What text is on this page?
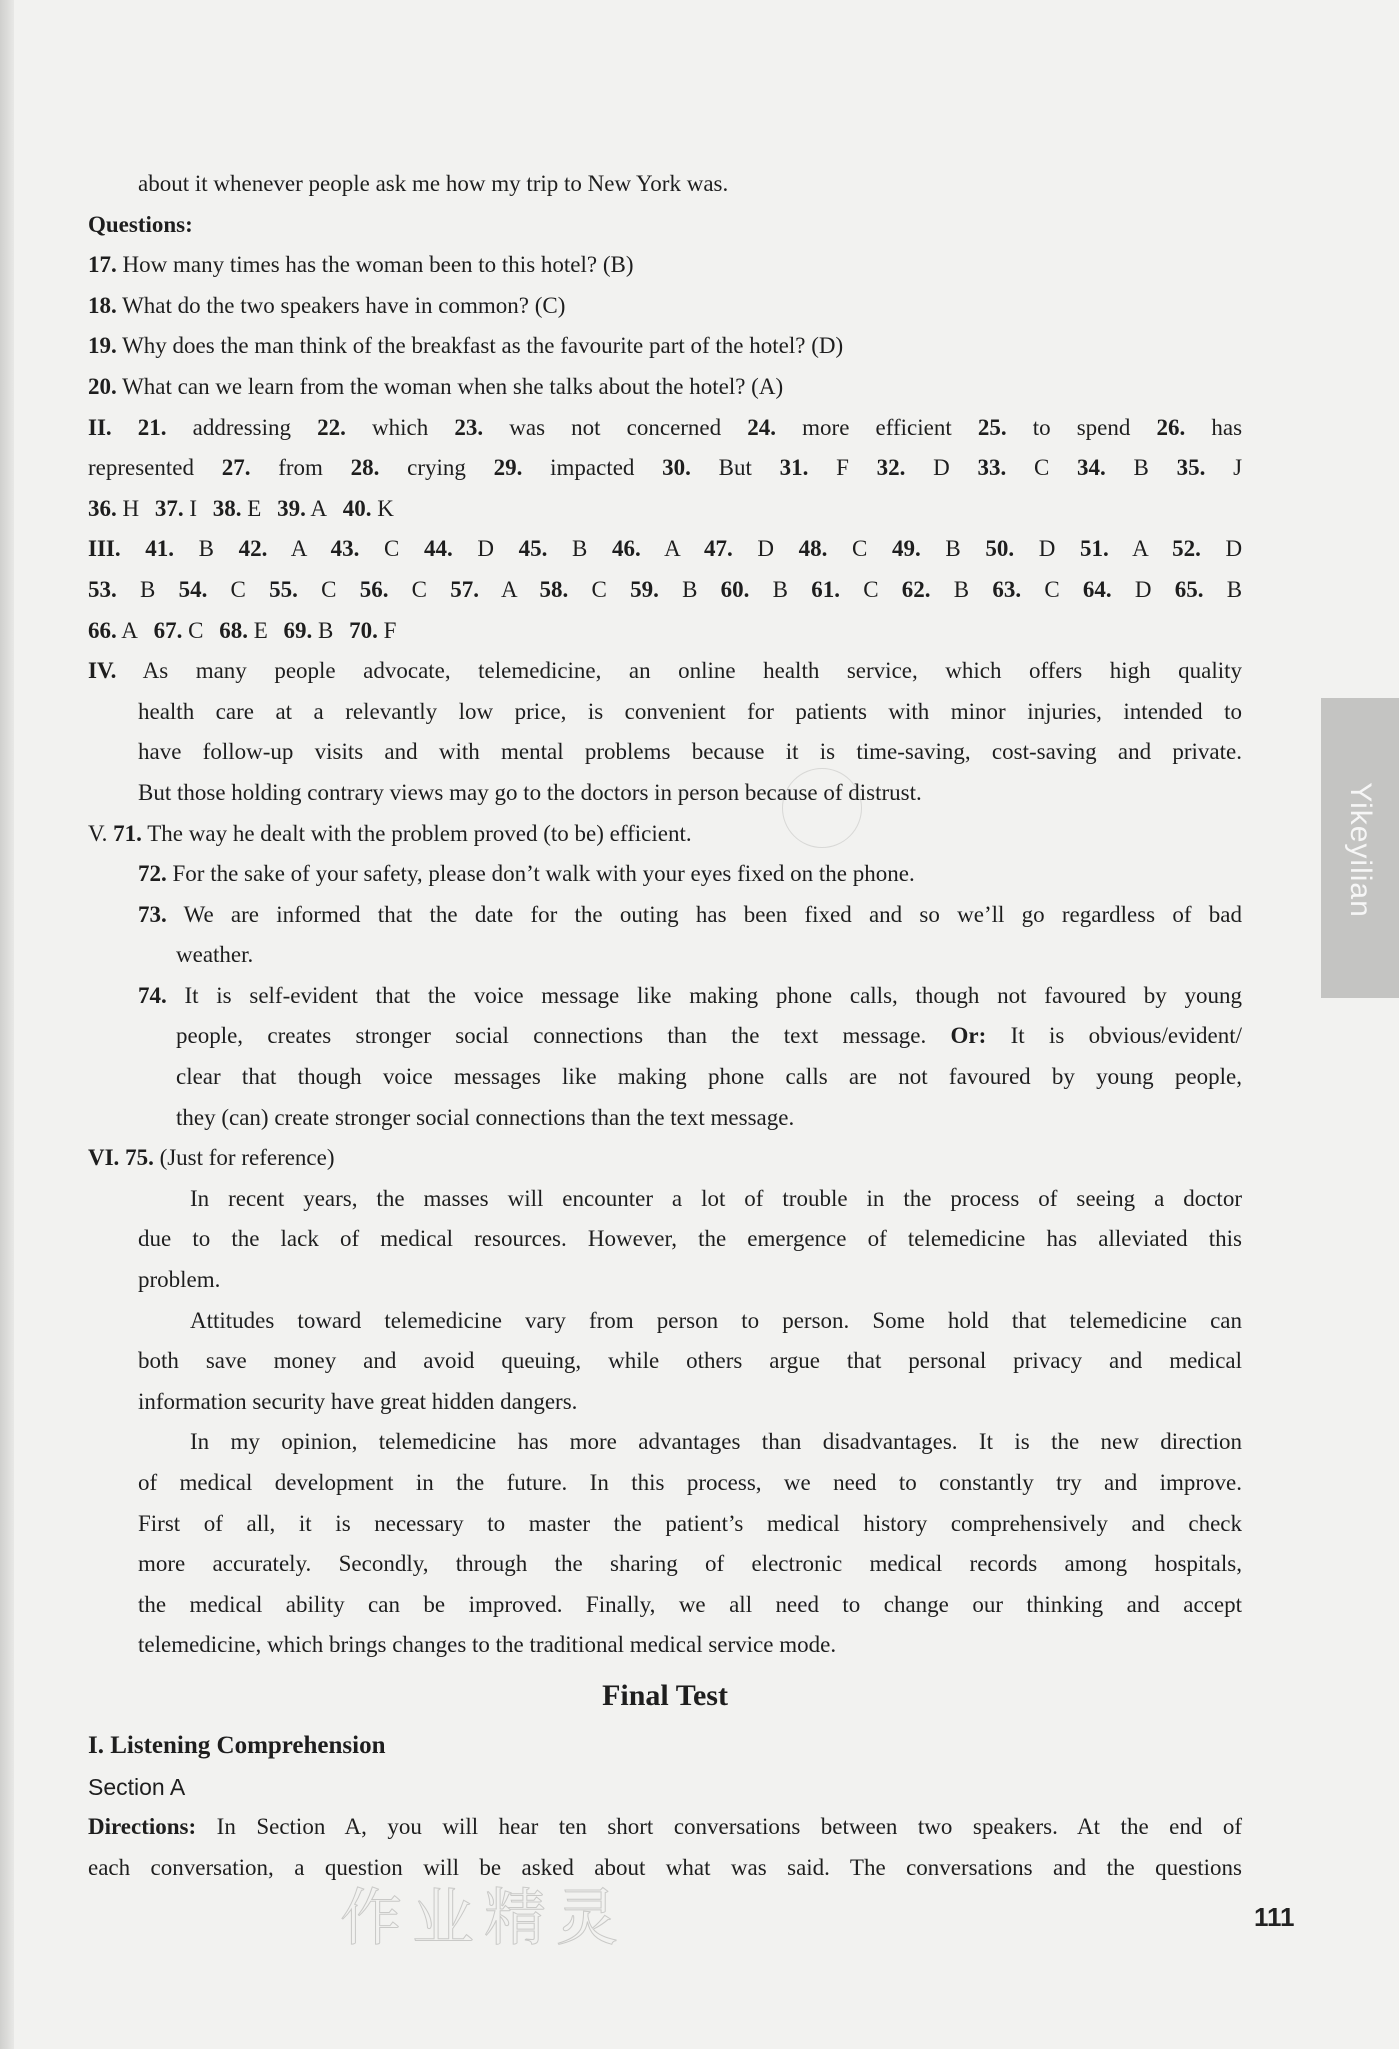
Yikeyilian
about it whenever people ask me how my trip to New York was.
Questions:
17. How many times has the woman been to this hotel? (B)
18. What do the two speakers have in common? (C)
19. Why does the man think of the breakfast as the favourite part of the hotel? (D)
20. What can we learn from the woman when she talks about the hotel? (A)
II. 21. addressing 22. which 23. was not concerned 24. more efficient 25. to spend 26. has
represented 27. from 28. crying 29. impacted 30. But 31. F 32. D 33. C 34. B 35. J
36. H 37. I 38. E 39. A 40. K
III. 41. B 42. A 43. C 44. D 45. B 46. A 47. D 48. C 49. B 50. D 51. A 52. D
53. B 54. C 55. C 56. C 57. A 58. C 59. B 60. B 61. C 62. B 63. C 64. D 65. B
66. A 67. C 68. E 69. B 70. F
IV. As many people advocate, telemedicine, an online health service, which offers high quality
health care at a relevantly low price, is convenient for patients with minor injuries, intended to
have follow-up visits and with mental problems because it is time-saving, cost-saving and private.
But those holding contrary views may go to the doctors in person because of distrust.
V. 71. The way he dealt with the problem proved (to be) efficient.
72. For the sake of your safety, please don’t walk with your eyes fixed on the phone.
73. We are informed that the date for the outing has been fixed and so we’ll go regardless of bad
weather.
74. It is self-evident that the voice message like making phone calls, though not favoured by young
people, creates stronger social connections than the text message. Or: It is obvious/evident/
clear that though voice messages like making phone calls are not favoured by young people,
they (can) create stronger social connections than the text message.
VI. 75. (Just for reference)
In recent years, the masses will encounter a lot of trouble in the process of seeing a doctor
due to the lack of medical resources. However, the emergence of telemedicine has alleviated this
problem.
Attitudes toward telemedicine vary from person to person. Some hold that telemedicine can
both save money and avoid queuing, while others argue that personal privacy and medical
information security have great hidden dangers.
In my opinion, telemedicine has more advantages than disadvantages. It is the new direction
of medical development in the future. In this process, we need to constantly try and improve.
First of all, it is necessary to master the patient’s medical history comprehensively and check
more accurately. Secondly, through the sharing of electronic medical records among hospitals,
the medical ability can be improved. Finally, we all need to change our thinking and accept
telemedicine, which brings changes to the traditional medical service mode.
Final Test
I. Listening Comprehension
Section A
Directions: In Section A, you will hear ten short conversations between two speakers. At the end of
each conversation, a question will be asked about what was said. The conversations and the questions
作业精灵	111
